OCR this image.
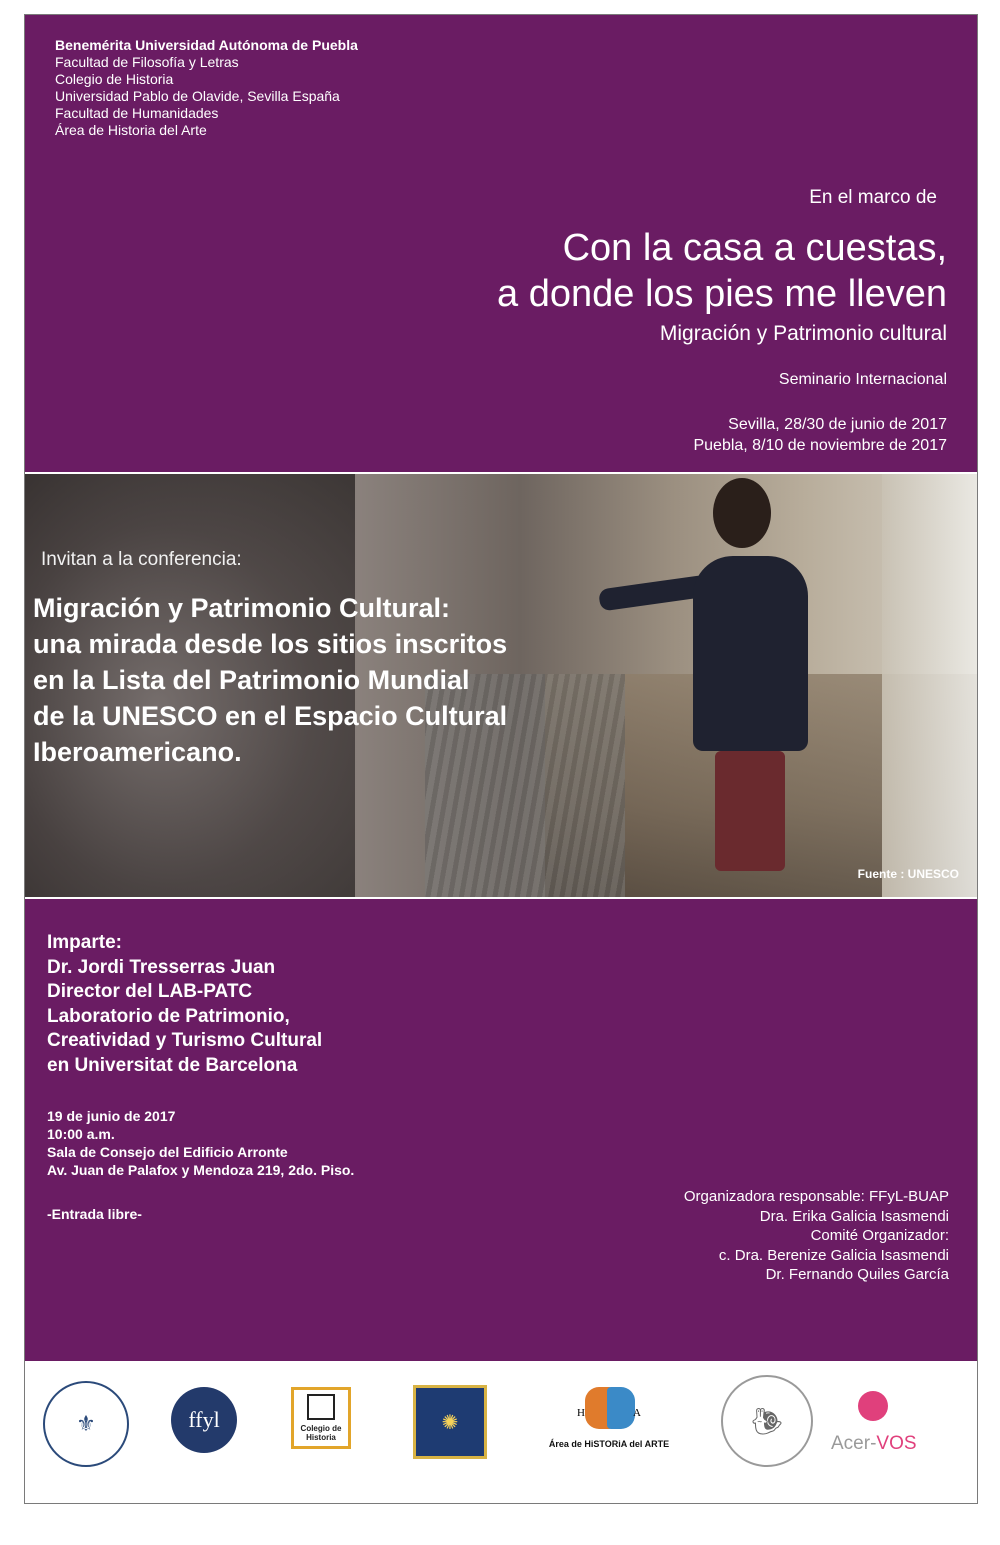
Benemérita Universidad Autónoma de Puebla
Facultad de Filosofía y Letras
Colegio de Historia
Universidad Pablo de Olavide, Sevilla España
Facultad de Humanidades
Área de Historia del Arte
En el marco de
Con la casa a cuestas,
a donde los pies me lleven
Migración y Patrimonio cultural
Seminario Internacional
Sevilla, 28/30 de junio de 2017
Puebla, 8/10 de noviembre de 2017
Invitan a la conferencia:
Migración y Patrimonio Cultural:
una mirada desde los sitios inscritos
en la Lista del Patrimonio Mundial
de la UNESCO en el Espacio Cultural
Iberoamericano.
Fuente : UNESCO
Imparte:
Dr. Jordi Tresserras Juan
Director del LAB-PATC
Laboratorio de Patrimonio,
Creatividad y Turismo Cultural
en Universitat de Barcelona
19 de junio de 2017
10:00 a.m.
Sala de Consejo del Edificio Arronte
Av. Juan de Palafox y Mendoza 219, 2do. Piso.
-Entrada libre-
Organizadora responsable: FFyL-BUAP
Dra. Erika Galicia Isasmendi
Comité Organizador:
c. Dra. Berenize Galicia Isasmendi
Dr. Fernando Quiles García
⚜	ffyl	Colegio de Historia
✺	H	A
Área de HiSTORiA del ARTE
🐌︎
Acer-VOS
